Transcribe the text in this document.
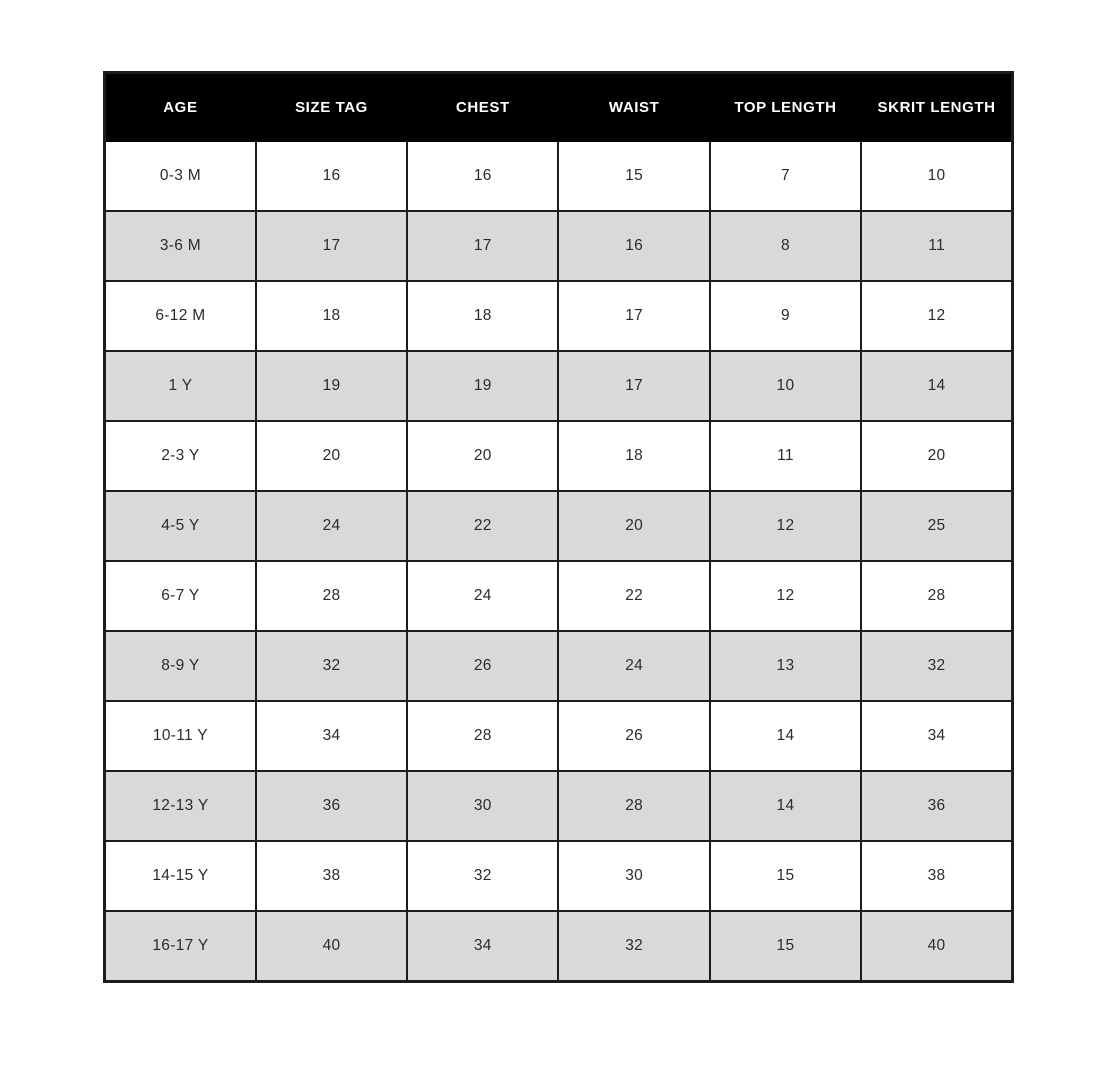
AGE	SIZE TAG	CHEST	WAIST	TOP LENGTH	SKRIT LENGTH
0-3 M	16	16	15	7	10
3-6 M	17	17	16	8	11
6-12 M	18	18	17	9	12
1 Y	19	19	17	10	14
2-3 Y	20	20	18	11	20
4-5 Y	24	22	20	12	25
6-7 Y	28	24	22	12	28
8-9 Y	32	26	24	13	32
10-11 Y	34	28	26	14	34
12-13 Y	36	30	28	14	36
14-15 Y	38	32	30	15	38
16-17 Y	40	34	32	15	40
